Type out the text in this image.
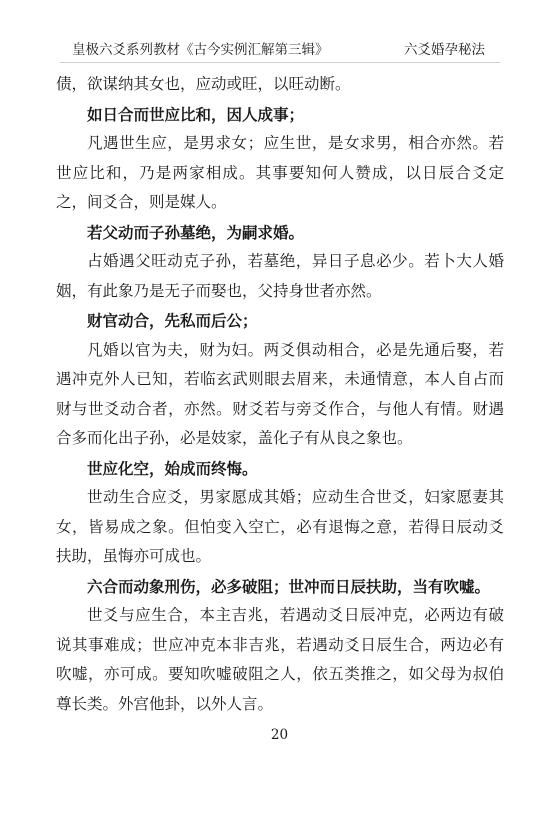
皇极六爻系列教材《古今实例汇解第三辑》	六爻婚孕秘法

债，欲谋纳其女也，应动或旺，以旺动断。

如日合而世应比和，因人成事；

凡遇世生应，是男求女；应生世，是女求男，相合亦然。若世应比和，乃是两家相成。其事要知何人赞成，以日辰合爻定之，间爻合，则是媒人。

若父动而子孙墓绝，为嗣求婚。

占婚遇父旺动克子孙，若墓绝，异日子息必少。若卜大人婚姻，有此象乃是无子而娶也，父持身世者亦然。

财官动合，先私而后公；

凡婚以官为夫，财为妇。两爻俱动相合，必是先通后娶，若遇冲克外人已知，若临玄武则眼去眉来，未通情意，本人自占而财与世爻动合者，亦然。财爻若与旁爻作合，与他人有情。财遇合多而化出子孙，必是妓家，盖化子有从良之象也。

世应化空，始成而终悔。

世动生合应爻，男家愿成其婚；应动生合世爻，妇家愿妻其女，皆易成之象。但怕变入空亡，必有退悔之意，若得日辰动爻扶助，虽悔亦可成也。

六合而动象刑伤，必多破阻；世冲而日辰扶助，当有吹嘘。

世爻与应生合，本主吉兆，若遇动爻日辰冲克，必两边有破说其事难成；世应冲克本非吉兆，若遇动爻日辰生合，两边必有吹嘘，亦可成。要知吹嘘破阻之人，依五类推之，如父母为叔伯尊长类。外宫他卦，以外人言。

20
